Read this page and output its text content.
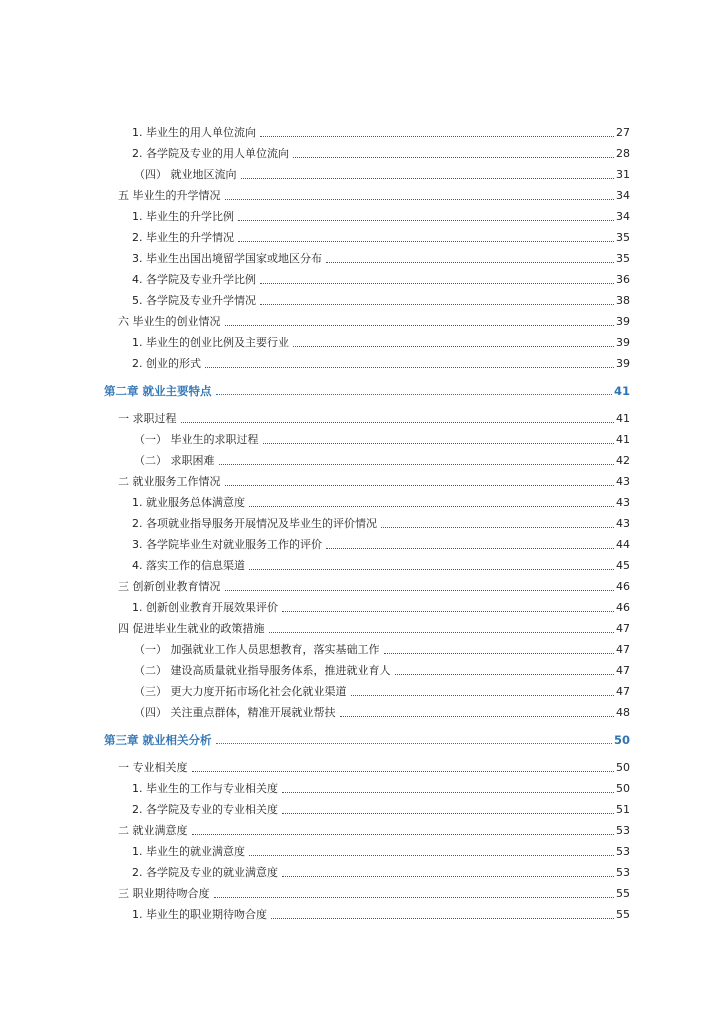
1. 毕业生的用人单位流向	27
2. 各学院及专业的用人单位流向	28
（四） 就业地区流向	31
五 毕业生的升学情况	34
1. 毕业生的升学比例	34
2. 毕业生的升学情况	35
3. 毕业生出国出境留学国家或地区分布	35
4. 各学院及专业升学比例	36
5. 各学院及专业升学情况	38
六 毕业生的创业情况	39
1. 毕业生的创业比例及主要行业	39
2. 创业的形式	39
第二章 就业主要特点	41
一 求职过程	41
（一） 毕业生的求职过程	41
（二） 求职困难	42
二 就业服务工作情况	43
1. 就业服务总体满意度	43
2. 各项就业指导服务开展情况及毕业生的评价情况	43
3. 各学院毕业生对就业服务工作的评价	44
4. 落实工作的信息渠道	45
三 创新创业教育情况	46
1. 创新创业教育开展效果评价	46
四 促进毕业生就业的政策措施	47
（一） 加强就业工作人员思想教育，落实基础工作	47
（二） 建设高质量就业指导服务体系，推进就业育人	47
（三） 更大力度开拓市场化社会化就业渠道	47
（四） 关注重点群体，精准开展就业帮扶	48
第三章 就业相关分析	50
一 专业相关度	50
1. 毕业生的工作与专业相关度	50
2. 各学院及专业的专业相关度	51
二 就业满意度	53
1. 毕业生的就业满意度	53
2. 各学院及专业的就业满意度	53
三 职业期待吻合度	55
1. 毕业生的职业期待吻合度	55
